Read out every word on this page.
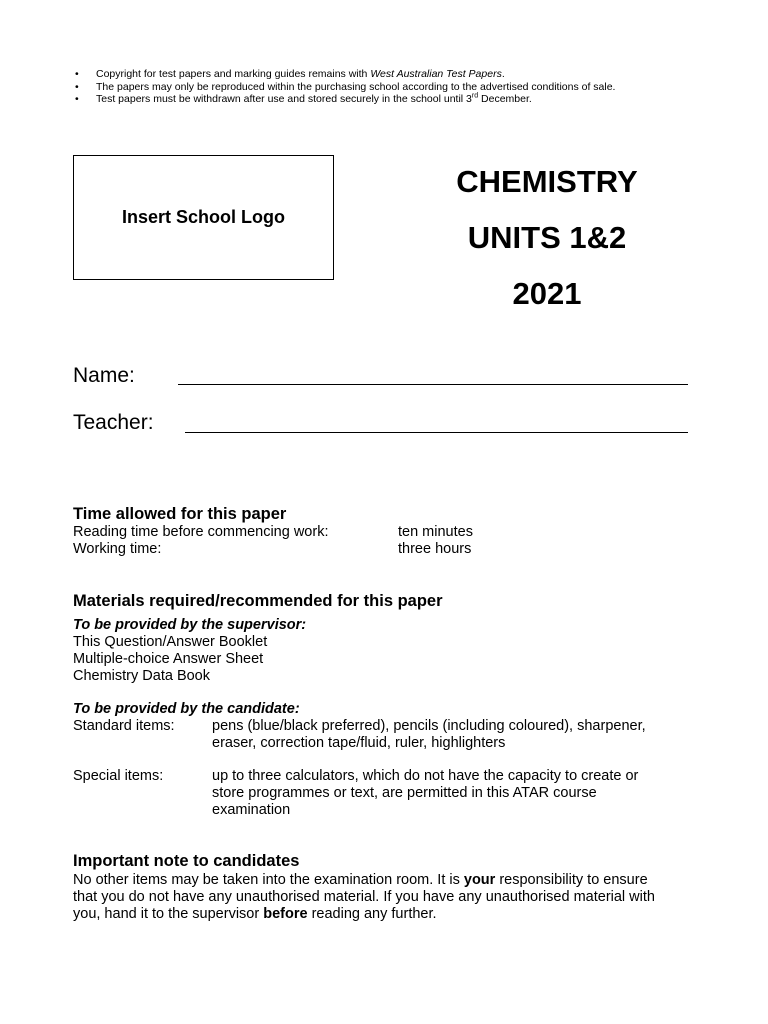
• Copyright for test papers and marking guides remains with West Australian Test Papers.
• The papers may only be reproduced within the purchasing school according to the advertised conditions of sale.
• Test papers must be withdrawn after use and stored securely in the school until 3rd December.
Insert School Logo
CHEMISTRY
UNITS 1&2
2021
Name:
Teacher:
Time allowed for this paper
Reading time before commencing work:	ten minutes
Working time:	three hours
Materials required/recommended for this paper
To be provided by the supervisor:
This Question/Answer Booklet
Multiple-choice Answer Sheet
Chemistry Data Book
To be provided by the candidate:
Standard items:	pens (blue/black preferred), pencils (including coloured), sharpener,
eraser, correction tape/fluid, ruler, highlighters
Special items:	up to three calculators, which do not have the capacity to create or
store programmes or text, are permitted in this ATAR course
examination
Important note to candidates
No other items may be taken into the examination room. It is your responsibility to ensure
that you do not have any unauthorised material. If you have any unauthorised material with
you, hand it to the supervisor before reading any further.
